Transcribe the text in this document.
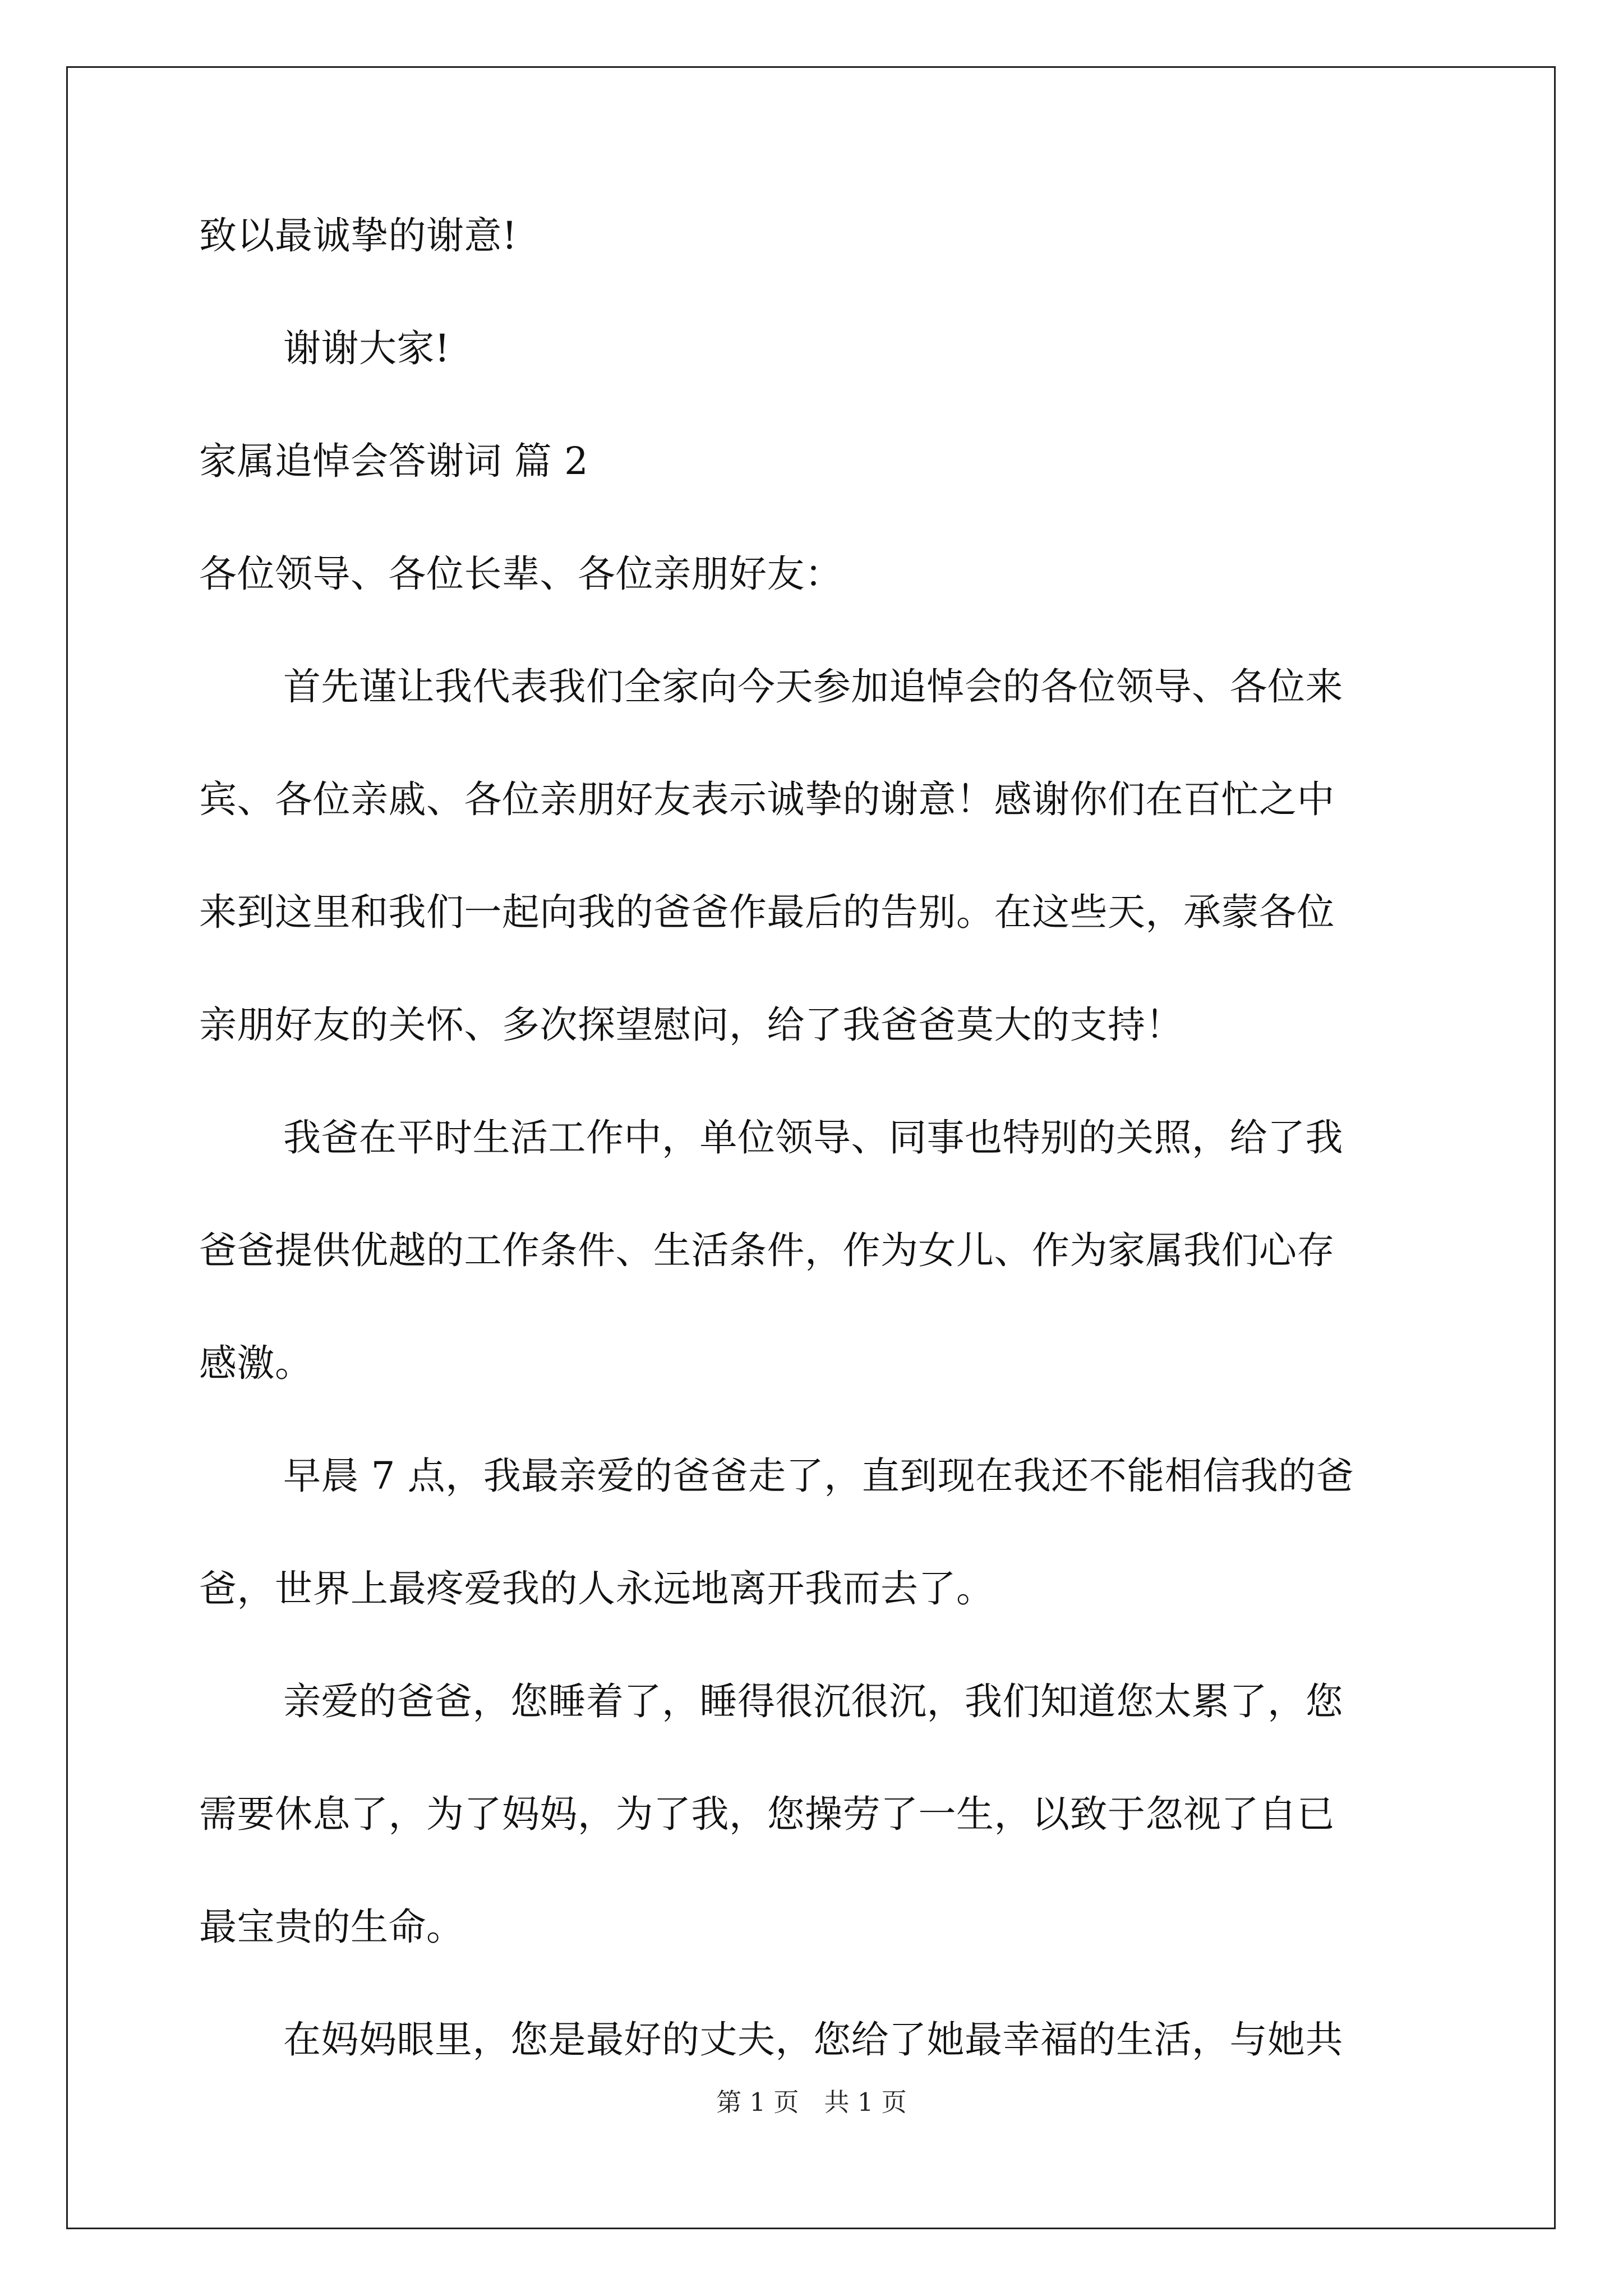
致以最诚挚的谢意!
谢谢大家!
家属追悼会答谢词 篇 2
各位领导、各位长辈、各位亲朋好友：
首先谨让我代表我们全家向今天参加追悼会的各位领导、各位来
宾、各位亲戚、各位亲朋好友表示诚挚的谢意！感谢你们在百忙之中
来到这里和我们一起向我的爸爸作最后的告别。在这些天，承蒙各位
亲朋好友的关怀、多次探望慰问，给了我爸爸莫大的支持！
我爸在平时生活工作中，单位领导、同事也特别的关照，给了我
爸爸提供优越的工作条件、生活条件，作为女儿、作为家属我们心存
感激。
早晨 7 点，我最亲爱的爸爸走了，直到现在我还不能相信我的爸
爸，世界上最疼爱我的人永远地离开我而去了。
亲爱的爸爸，您睡着了，睡得很沉很沉，我们知道您太累了，您
需要休息了，为了妈妈，为了我，您操劳了一生，以致于忽视了自已
最宝贵的生命。
在妈妈眼里，您是最好的丈夫，您给了她最幸福的生活，与她共
第 1 页　共 1 页
